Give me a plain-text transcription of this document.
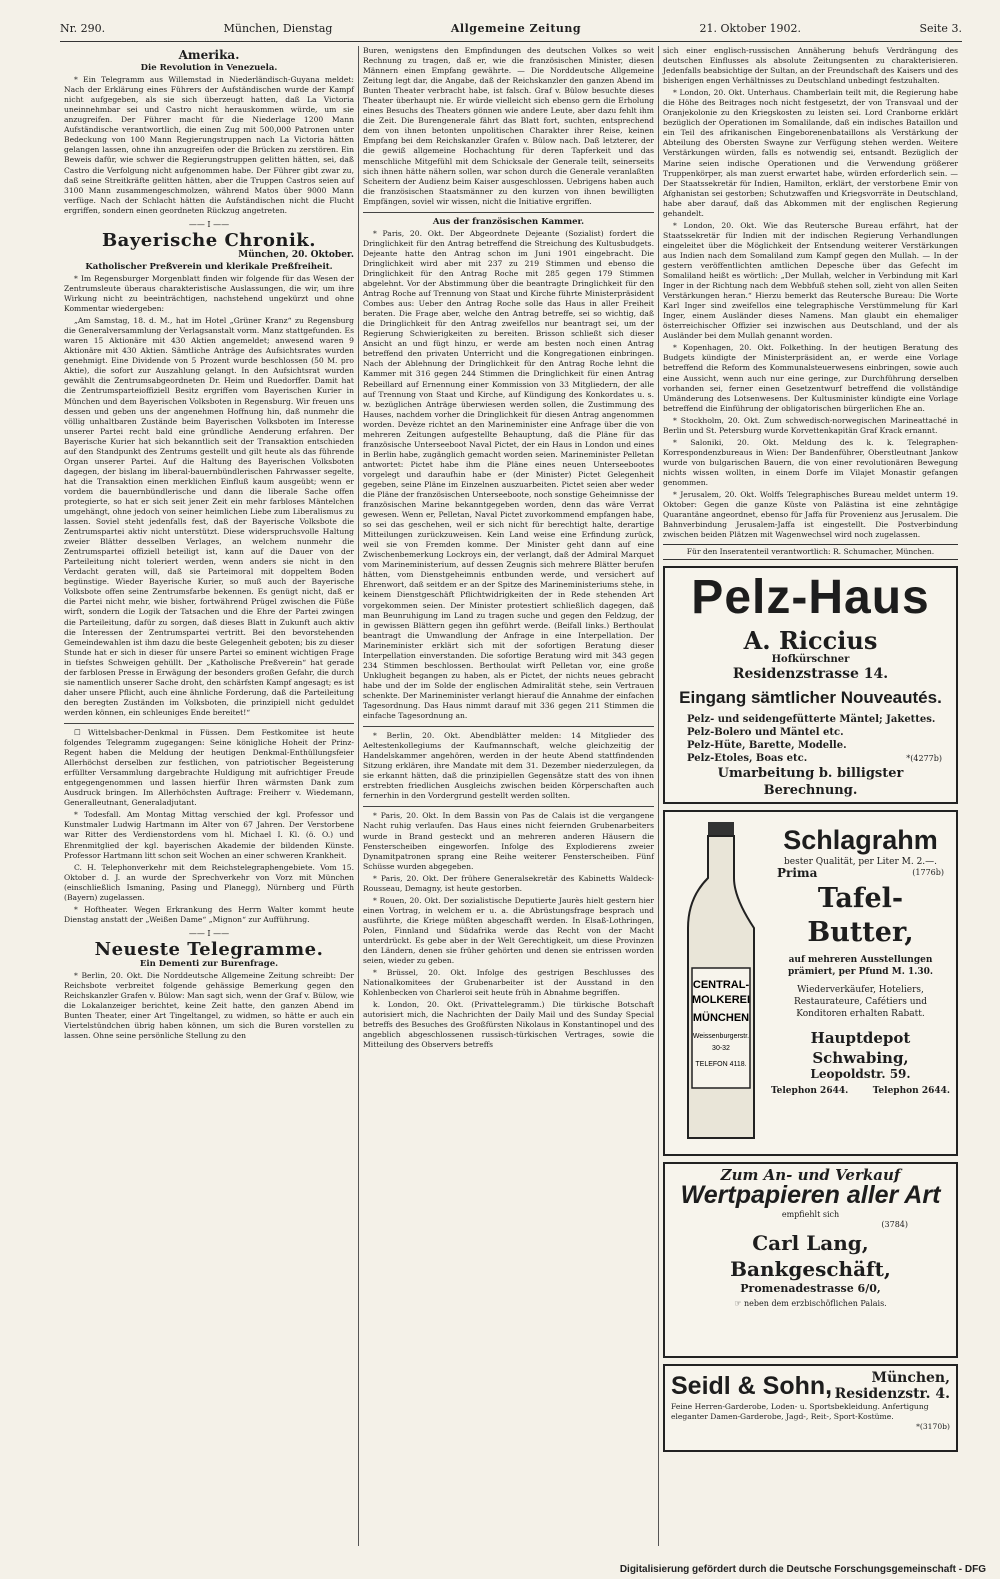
Nr. 290.	München, Dienstag	Allgemeine Zeitung	21. Oktober 1902.	Seite 3.
Amerika.
Die Revolution in Venezuela.

* Ein Telegramm aus Willemstad in Niederländisch-Guyana meldet: Nach der Erklärung eines Führers der Aufständischen wurde der Kampf nicht aufgegeben, als sie sich überzeugt hatten, daß La Victoria uneinnehmbar sei und Castro nicht herauskommen würde, um sie anzugreifen. Der Führer macht für die Niederlage 1200 Mann Aufständische verantwortlich, die einen Zug mit 500,000 Patronen unter Bedeckung von 100 Mann Regierungstruppen nach La Victoria hätten gelangen lassen, ohne ihn anzugreifen oder die Brücken zu zerstören. Ein Beweis dafür, wie schwer die Regierungstruppen gelitten hätten, sei, daß Castro die Verfolgung nicht aufgenommen habe. Der Führer gibt zwar zu, daß seine Streitkräfte gelitten hätten, aber die Truppen Castros seien auf 3100 Mann zusammengeschmolzen, während Matos über 9000 Mann verfüge. Nach der Schlacht hätten die Aufständischen nicht die Flucht ergriffen, sondern einen geordneten Rückzug angetreten.

—— I ——
Bayerische Chronik.
München, 20. Oktober.
Katholischer Preßverein und klerikale Preßfreiheit.

* Im Regensburger Morgenblatt finden wir folgende für das Wesen der Zentrumsleute überaus charakteristische Auslassungen, die wir, um ihre Wirkung nicht zu beeinträchtigen, nachstehend ungekürzt und ohne Kommentar wiedergeben:

„Am Samstag, 18. d. M., hat im Hotel „Grüner Kranz“ zu Regensburg die Generalversammlung der Verlagsanstalt vorm. Manz stattgefunden. Es waren 15 Aktionäre mit 430 Aktien angemeldet; anwesend waren 9 Aktionäre mit 430 Aktien. Sämtliche Anträge des Aufsichtsrates wurden genehmigt. Eine Dividende von 5 Prozent wurde beschlossen (50 M. pro Aktie), die sofort zur Auszahlung gelangt. In den Aufsichtsrat wurden gewählt die Zentrumsabgeordneten Dr. Heim und Ruedorffer. Damit hat die Zentrumsparteioffiziell Besitz ergriffen vom Bayerischen Kurier in München und dem Bayerischen Volksboten in Regensburg. Wir freuen uns dessen und geben uns der angenehmen Hoffnung hin, daß nunmehr die völlig unhaltbaren Zustände beim Bayerischen Volksboten im Interesse unserer Partei recht bald eine gründliche Aenderung erfahren. Der Bayerische Kurier hat sich bekanntlich seit der Transaktion entschieden auf den Standpunkt des Zentrums gestellt und gilt heute als das führende Organ unserer Partei. Auf die Haltung des Bayerischen Volksboten dagegen, der bislang im liberal-bauernbündlerischen Fahrwasser segelte, hat die Transaktion einen merklichen Einfluß kaum ausgeübt; wenn er vordem die bauernbündlerische und dann die liberale Sache offen protegierte, so hat er sich seit jener Zeit ein mehr farbloses Mäntelchen umgehängt, ohne jedoch von seiner heimlichen Liebe zum Liberalismus zu lassen. Soviel steht jedenfalls fest, daß der Bayerische Volksbote die Zentrumspartei aktiv nicht unterstützt. Diese widerspruchsvolle Haltung zweier Blätter desselben Verlages, an welchem nunmehr die Zentrumspartei offiziell beteiligt ist, kann auf die Dauer von der Parteileitung nicht toleriert werden, wenn anders sie nicht in den Verdacht geraten will, daß sie Parteimoral mit doppeltem Boden begünstige. Wieder Bayerische Kurier, so muß auch der Bayerische Volksbote offen seine Zentrumsfarbe bekennen. Es genügt nicht, daß er die Partei nicht mehr, wie bisher, fortwährend Prügel zwischen die Füße wirft, sondern die Logik der Tatsachen und die Ehre der Partei zwingen die Parteileitung, dafür zu sorgen, daß dieses Blatt in Zukunft auch aktiv die Interessen der Zentrumspartei vertritt. Bei den bevorstehenden Gemeindewahlen ist ihm dazu die beste Gelegenheit geboten; bis zu dieser Stunde hat er sich in dieser für unsere Partei so eminent wichtigen Frage in tiefstes Schweigen gehüllt. Der „Katholische Preßverein“ hat gerade der farblosen Presse in Erwägung der besonders großen Gefahr, die durch sie namentlich unserer Sache droht, den schärfsten Kampf angesagt; es ist daher unsere Pflicht, auch eine ähnliche Forderung, daß die Parteileitung den beregten Zuständen im Volksboten, die prinzipiell nicht geduldet werden können, ein schleuniges Ende bereitet!“

☐ Wittelsbacher-Denkmal in Füssen. Dem Festkomitee ist heute folgendes Telegramm zugegangen: Seine königliche Hoheit der Prinz-Regent haben die Meldung der heutigen Denkmal-Enthüllungsfeier Allerhöchst derselben zur festlichen, von patriotischer Begeisterung erfüllter Versammlung dargebrachte Huldigung mit aufrichtiger Freude entgegengenommen und lassen hierfür Ihren wärmsten Dank zum Ausdruck bringen. Im Allerhöchsten Auftrage: Freiherr v. Wiedemann, Generalleutnant, Generaladjutant.

* Todesfall. Am Montag Mittag verschied der kgl. Professor und Kunstmaler Ludwig Hartmann im Alter von 67 Jahren. Der Verstorbene war Ritter des Verdienstordens vom hl. Michael I. Kl. (ö. O.) und Ehrenmitglied der kgl. bayerischen Akademie der bildenden Künste. Professor Hartmann litt schon seit Wochen an einer schweren Krankheit.

C. H. Telephonverkehr mit dem Reichstelegraphengebiete. Vom 15. Oktober d. J. an wurde der Sprechverkehr von Vorz mit München (einschließlich Ismaning, Pasing und Planegg), Nürnberg und Fürth (Bayern) zugelassen.

* Hoftheater. Wegen Erkrankung des Herrn Walter kommt heute Dienstag anstatt der „Weißen Dame“ „Mignon“ zur Aufführung.

—— I ——
Neueste Telegramme.
Ein Dementi zur Burenfrage.

* Berlin, 20. Okt. Die Norddeutsche Allgemeine Zeitung schreibt: Der Reichsbote verbreitet folgende gehässige Bemerkung gegen den Reichskanzler Grafen v. Bülow: Man sagt sich, wenn der Graf v. Bülow, wie die Lokalanzeiger berichtet, keine Zeit hatte, den ganzen Abend im Bunten Theater, einer Art Tingeltangel, zu widmen, so hätte er auch ein Viertelstündchen übrig haben können, um sich die Buren vorstellen zu lassen. Ohne seine persönliche Stellung zu den

Buren, wenigstens den Empfindungen des deutschen Volkes so weit Rechnung zu tragen, daß er, wie die französischen Minister, diesen Männern einen Empfang gewährte. — Die Norddeutsche Allgemeine Zeitung legt dar, die Angabe, daß der Reichskanzler den ganzen Abend im Bunten Theater verbracht habe, ist falsch. Graf v. Bülow besuchte dieses Theater überhaupt nie. Er würde vielleicht sich ebenso gern die Erholung eines Besuchs des Theaters gönnen wie andere Leute, aber dazu fehlt ihm die Zeit. Die Burengenerale fährt das Blatt fort, suchten, entsprechend dem von ihnen betonten unpolitischen Charakter ihrer Reise, keinen Empfang bei dem Reichskanzler Grafen v. Bülow nach. Daß letzterer, der die gewiß allgemeine Hochachtung für deren Tapferkeit und das menschliche Mitgefühl mit dem Schicksale der Generale teilt, seinerseits sich ihnen hätte nähern sollen, war schon durch die Generale veranlaßten Scheitern der Audienz beim Kaiser ausgeschlossen. Uebrigens haben auch die französischen Staatsmänner zu den kurzen von ihnen bewilligten Empfängen, soviel wir wissen, nicht die Initiative ergriffen.

Aus der französischen Kammer.

* Paris, 20. Okt. Der Abgeordnete Dejeante (Sozialist) fordert die Dringlichkeit für den Antrag betreffend die Streichung des Kultusbudgets. Dejeante hatte den Antrag schon im Juni 1901 eingebracht. Die Dringlichkeit wird aber mit 237 zu 219 Stimmen und ebenso die Dringlichkeit für den Antrag Roche mit 285 gegen 179 Stimmen abgelehnt. Vor der Abstimmung über die beantragte Dringlichkeit für den Antrag Roche auf Trennung von Staat und Kirche führte Ministerpräsident Combes aus: Ueber den Antrag Roche solle das Haus in aller Freiheit beraten. Die Frage aber, welche den Antrag betreffe, sei so wichtig, daß die Dringlichkeit für den Antrag zweifellos nur beantragt sei, um der Regierung Schwierigkeiten zu bereiten. Brisson schließt sich dieser Ansicht an und fügt hinzu, er werde am besten noch einen Antrag betreffend den privaten Unterricht und die Kongregationen einbringen. Nach der Ablehnung der Dringlichkeit für den Antrag Roche lehnt die Kammer mit 316 gegen 244 Stimmen die Dringlichkeit für einen Antrag Rebeillard auf Ernennung einer Kommission von 33 Mitgliedern, der alle auf Trennung von Staat und Kirche, auf Kündigung des Konkordates u. s. w. bezüglichen Anträge überwiesen werden sollen, die Zustimmung des Hauses, nachdem vorher die Dringlichkeit für diesen Antrag angenommen worden. Devèze richtet an den Marineminister eine Anfrage über die von mehreren Zeitungen aufgestellte Behauptung, daß die Pläne für das französische Unterseeboot Naval Pictet, der ein Haus in London und eines in Berlin habe, zugänglich gemacht worden seien. Marineminister Pelletan antwortet: Pictet habe ihm die Pläne eines neuen Unterseebootes vorgelegt und daraufhin habe er (der Minister) Pictet Gelegenheit gegeben, seine Pläne im Einzelnen auszuarbeiten. Pictet seien aber weder die Pläne der französischen Unterseeboote, noch sonstige Geheimnisse der französischen Marine bekanntgegeben worden, denn das wäre Verrat gewesen. Wenn er, Pelletan, Naval Pictet zuvorkommend empfangen habe, so sei das geschehen, weil er sich nicht für berechtigt halte, derartige Mitteilungen zurückzuweisen. Kein Land weise eine Erfindung zurück, weil sie von Fremden komme. Der Minister geht dann auf eine Zwischenbemerkung Lockroys ein, der verlangt, daß der Admiral Marquet vom Marineministerium, auf dessen Zeugnis sich mehrere Blätter berufen hätten, vom Dienstgeheimnis entbunden werde, und versichert auf Ehrenwort, daß seitdem er an der Spitze des Marineministeriums stehe, in keinem Dienstgeschäft Pflichtwidrigkeiten der in Rede stehenden Art vorgekommen seien. Der Minister protestiert schließlich dagegen, daß man Beunruhigung im Land zu tragen suche und gegen den Feldzug, der in gewissen Blättern gegen ihn geführt werde. (Beifall links.) Berthoulat beantragt die Umwandlung der Anfrage in eine Interpellation. Der Marineminister erklärt sich mit der sofortigen Beratung dieser Interpellation einverstanden. Die sofortige Beratung wird mit 343 gegen 234 Stimmen beschlossen. Berthoulat wirft Pelletan vor, eine große Unklugheit begangen zu haben, als er Pictet, der nichts neues gebracht habe und der im Solde der englischen Admiralität stehe, sein Vertrauen schenkte. Der Marineminister verlangt hierauf die Annahme der einfachen Tagesordnung. Das Haus nimmt darauf mit 336 gegen 211 Stimmen die einfache Tagesordnung an.

* Berlin, 20. Okt. Abendblätter melden: 14 Mitglieder des Aeltestenkollegiums der Kaufmannschaft, welche gleichzeitig der Handelskammer angehören, werden in der heute Abend stattfindenden Sitzung erklären, ihre Mandate mit dem 31. Dezember niederzulegen, da sie erkannt hätten, daß die prinzipiellen Gegensätze statt des von ihnen erstrebten friedlichen Ausgleichs zwischen beiden Körperschaften auch fernerhin in den Vordergrund gestellt werden sollten.

* Paris, 20. Okt. In dem Bassin von Pas de Calais ist die vergangene Nacht ruhig verlaufen. Das Haus eines nicht feiernden Grubenarbeiters wurde in Brand gesteckt und an mehreren anderen Häusern die Fensterscheiben eingeworfen. Infolge des Explodierens zweier Dynamitpatronen sprang eine Reihe weiterer Fensterscheiben. Fünf Schüsse wurden abgegeben.

* Paris, 20. Okt. Der frühere Generalsekretär des Kabinetts Waldeck-Rousseau, Demagny, ist heute gestorben.

* Rouen, 20. Okt. Der sozialistische Deputierte Jaurès hielt gestern hier einen Vortrag, in welchem er u. a. die Abrüstungsfrage besprach und ausführte, die Kriege müßten abgeschafft werden. In Elsaß-Lothringen, Polen, Finnland und Südafrika werde das Recht von der Macht unterdrückt. Es gebe aber in der Welt Gerechtigkeit, um diese Provinzen den Ländern, denen sie früher gehörten und denen sie entrissen worden seien, wieder zu geben.

* Brüssel, 20. Okt. Infolge des gestrigen Beschlusses des Nationalkomitees der Grubenarbeiter ist der Ausstand in den Kohlenbecken von Charleroi seit heute früh in Abnahme begriffen.

k. London, 20. Okt. (Privattelegramm.) Die türkische Botschaft autorisiert mich, die Nachrichten der Daily Mail und des Sunday Special betreffs des Besuches des Großfürsten Nikolaus in Konstantinopel und des angeblich abgeschlossenen russisch-türkischen Vertrages, sowie die Mitteilung des Observers betreffs

sich einer englisch-russischen Annäherung behufs Verdrängung des deutschen Einflusses als absolute Zeitungsenten zu charakterisieren. Jedenfalls beabsichtige der Sultan, an der Freundschaft des Kaisers und des bisherigen engen Verhältnisses zu Deutschland unbedingt festzuhalten.

* London, 20. Okt. Unterhaus. Chamberlain teilt mit, die Regierung habe die Höhe des Beitrages noch nicht festgesetzt, der von Transvaal und der Oranjekolonie zu den Kriegskosten zu leisten sei. Lord Cranborne erklärt bezüglich der Operationen im Somalilande, daß ein indisches Bataillon und ein Teil des afrikanischen Eingeborenenbataillons als Verstärkung der Abteilung des Obersten Swayne zur Verfügung stehen werden. Weitere Verstärkungen würden, falls es notwendig sei, entsandt. Bezüglich der Marine seien indische Operationen und die Verwendung größerer Truppenkörper, als man zuerst erwartet habe, würden erforderlich sein. — Der Staatssekretär für Indien, Hamilton, erklärt, der verstorbene Emir von Afghanistan sei gestorben; Schutzwaffen und Kriegsvorräte in Deutschland, habe aber darauf, daß das Abkommen mit der englischen Regierung gehandelt.

* London, 20. Okt. Wie das Reutersche Bureau erfährt, hat der Staatssekretär für Indien mit der indischen Regierung Verhandlungen eingeleitet über die Möglichkeit der Entsendung weiterer Verstärkungen aus Indien nach dem Somaliland zum Kampf gegen den Mullah. — In der gestern veröffentlichten amtlichen Depesche über das Gefecht im Somaliland heißt es wörtlich: „Der Mullah, welcher in Verbindung mit Karl Inger in der Richtung nach dem Webbfuß stehen soll, zieht von allen Seiten Verstärkungen heran.“ Hierzu bemerkt das Reutersche Bureau: Die Worte Karl Inger sind zweifellos eine telegraphische Verstümmelung für Karl Inger, einem Ausländer dieses Namens. Man glaubt ein ehemaliger österreichischer Offizier sei inzwischen aus Deutschland, und der als Ausländer bei dem Mullah genannt worden.

* Kopenhagen, 20. Okt. Folkething. In der heutigen Beratung des Budgets kündigte der Ministerpräsident an, er werde eine Vorlage betreffend die Reform des Kommunalsteuerwesens einbringen, sowie auch eine Aussicht, wenn auch nur eine geringe, zur Durchführung derselben vorhanden sei, ferner einen Gesetzentwurf betreffend die vollständige Umänderung des Lotsenwesens. Der Kultusminister kündigte eine Vorlage betreffend die Einführung der obligatorischen bürgerlichen Ehe an.

* Stockholm, 20. Okt. Zum schwedisch-norwegischen Marineattaché in Berlin und St. Petersburg wurde Korvettenkapitän Graf Krack ernannt.

* Saloniki, 20. Okt. Meldung des k. k. Telegraphen-Korrespondenzbureaus in Wien: Der Bandenführer, Oberstleutnant Jankow wurde von bulgarischen Bauern, die von einer revolutionären Bewegung nichts wissen wollten, in einem Dorfe im Vilajet Monastir gefangen genommen.

* Jerusalem, 20. Okt. Wolffs Telegraphisches Bureau meldet unterm 19. Oktober: Gegen die ganze Küste von Palästina ist eine zehntägige Quarantäne angeordnet, ebenso für Jaffa für Provenienz aus Jerusalem. Die Bahnverbindung Jerusalem-Jaffa ist eingestellt. Die Postverbindung zwischen beiden Plätzen mit Wagenwechsel wird noch zugelassen.

Für den Inseratenteil verantwortlich: R. Schumacher, München.
Pelz-Haus
A. Riccius
Hofkürschner
Residenzstrasse 14.
Eingang sämtlicher Nouveautés.
Pelz- und seidengefütterte Mäntel; Jakettes.
Pelz-Bolero und Mäntel etc.
Pelz-Hüte, Barette, Modelle.
Pelz-Etoles, Boas etc.	*(4277b)
Umarbeitung b. billigster Berechnung.
CENTRAL-
MOLKEREI
MÜNCHEN
Weissenburgerstr.
30-32
TELEFON 4118.
Schlagrahm
bester Qualität, per Liter M. 2.—.
Prima	(1776b)
Tafel-Butter,
auf mehreren Ausstellungen prämiert, per Pfund M. 1.30.
Wiederverkäufer, Hoteliers, Restaurateure, Cafétiers und Konditoren erhalten Rabatt.
Hauptdepot Schwabing,
Leopoldstr. 59.
Telephon 2644.	Telephon 2644.
Zum An- und Verkauf
Wertpapieren aller Art
empfiehlt sich
(3784)
Carl Lang, Bankgeschäft,
Promenadestrasse 6/0,
☞ neben dem erzbischöflichen Palais.
Seidl & Sohn,	München,
Residenzstr. 4.
Feine Herren-Garderobe, Loden- u. Sportsbekleidung. Anfertigung eleganter Damen-Garderobe, Jagd-, Reit-, Sport-Kostüme.
*(3170b)
Digitalisierung gefördert durch die Deutsche Forschungsgemeinschaft - DFG
